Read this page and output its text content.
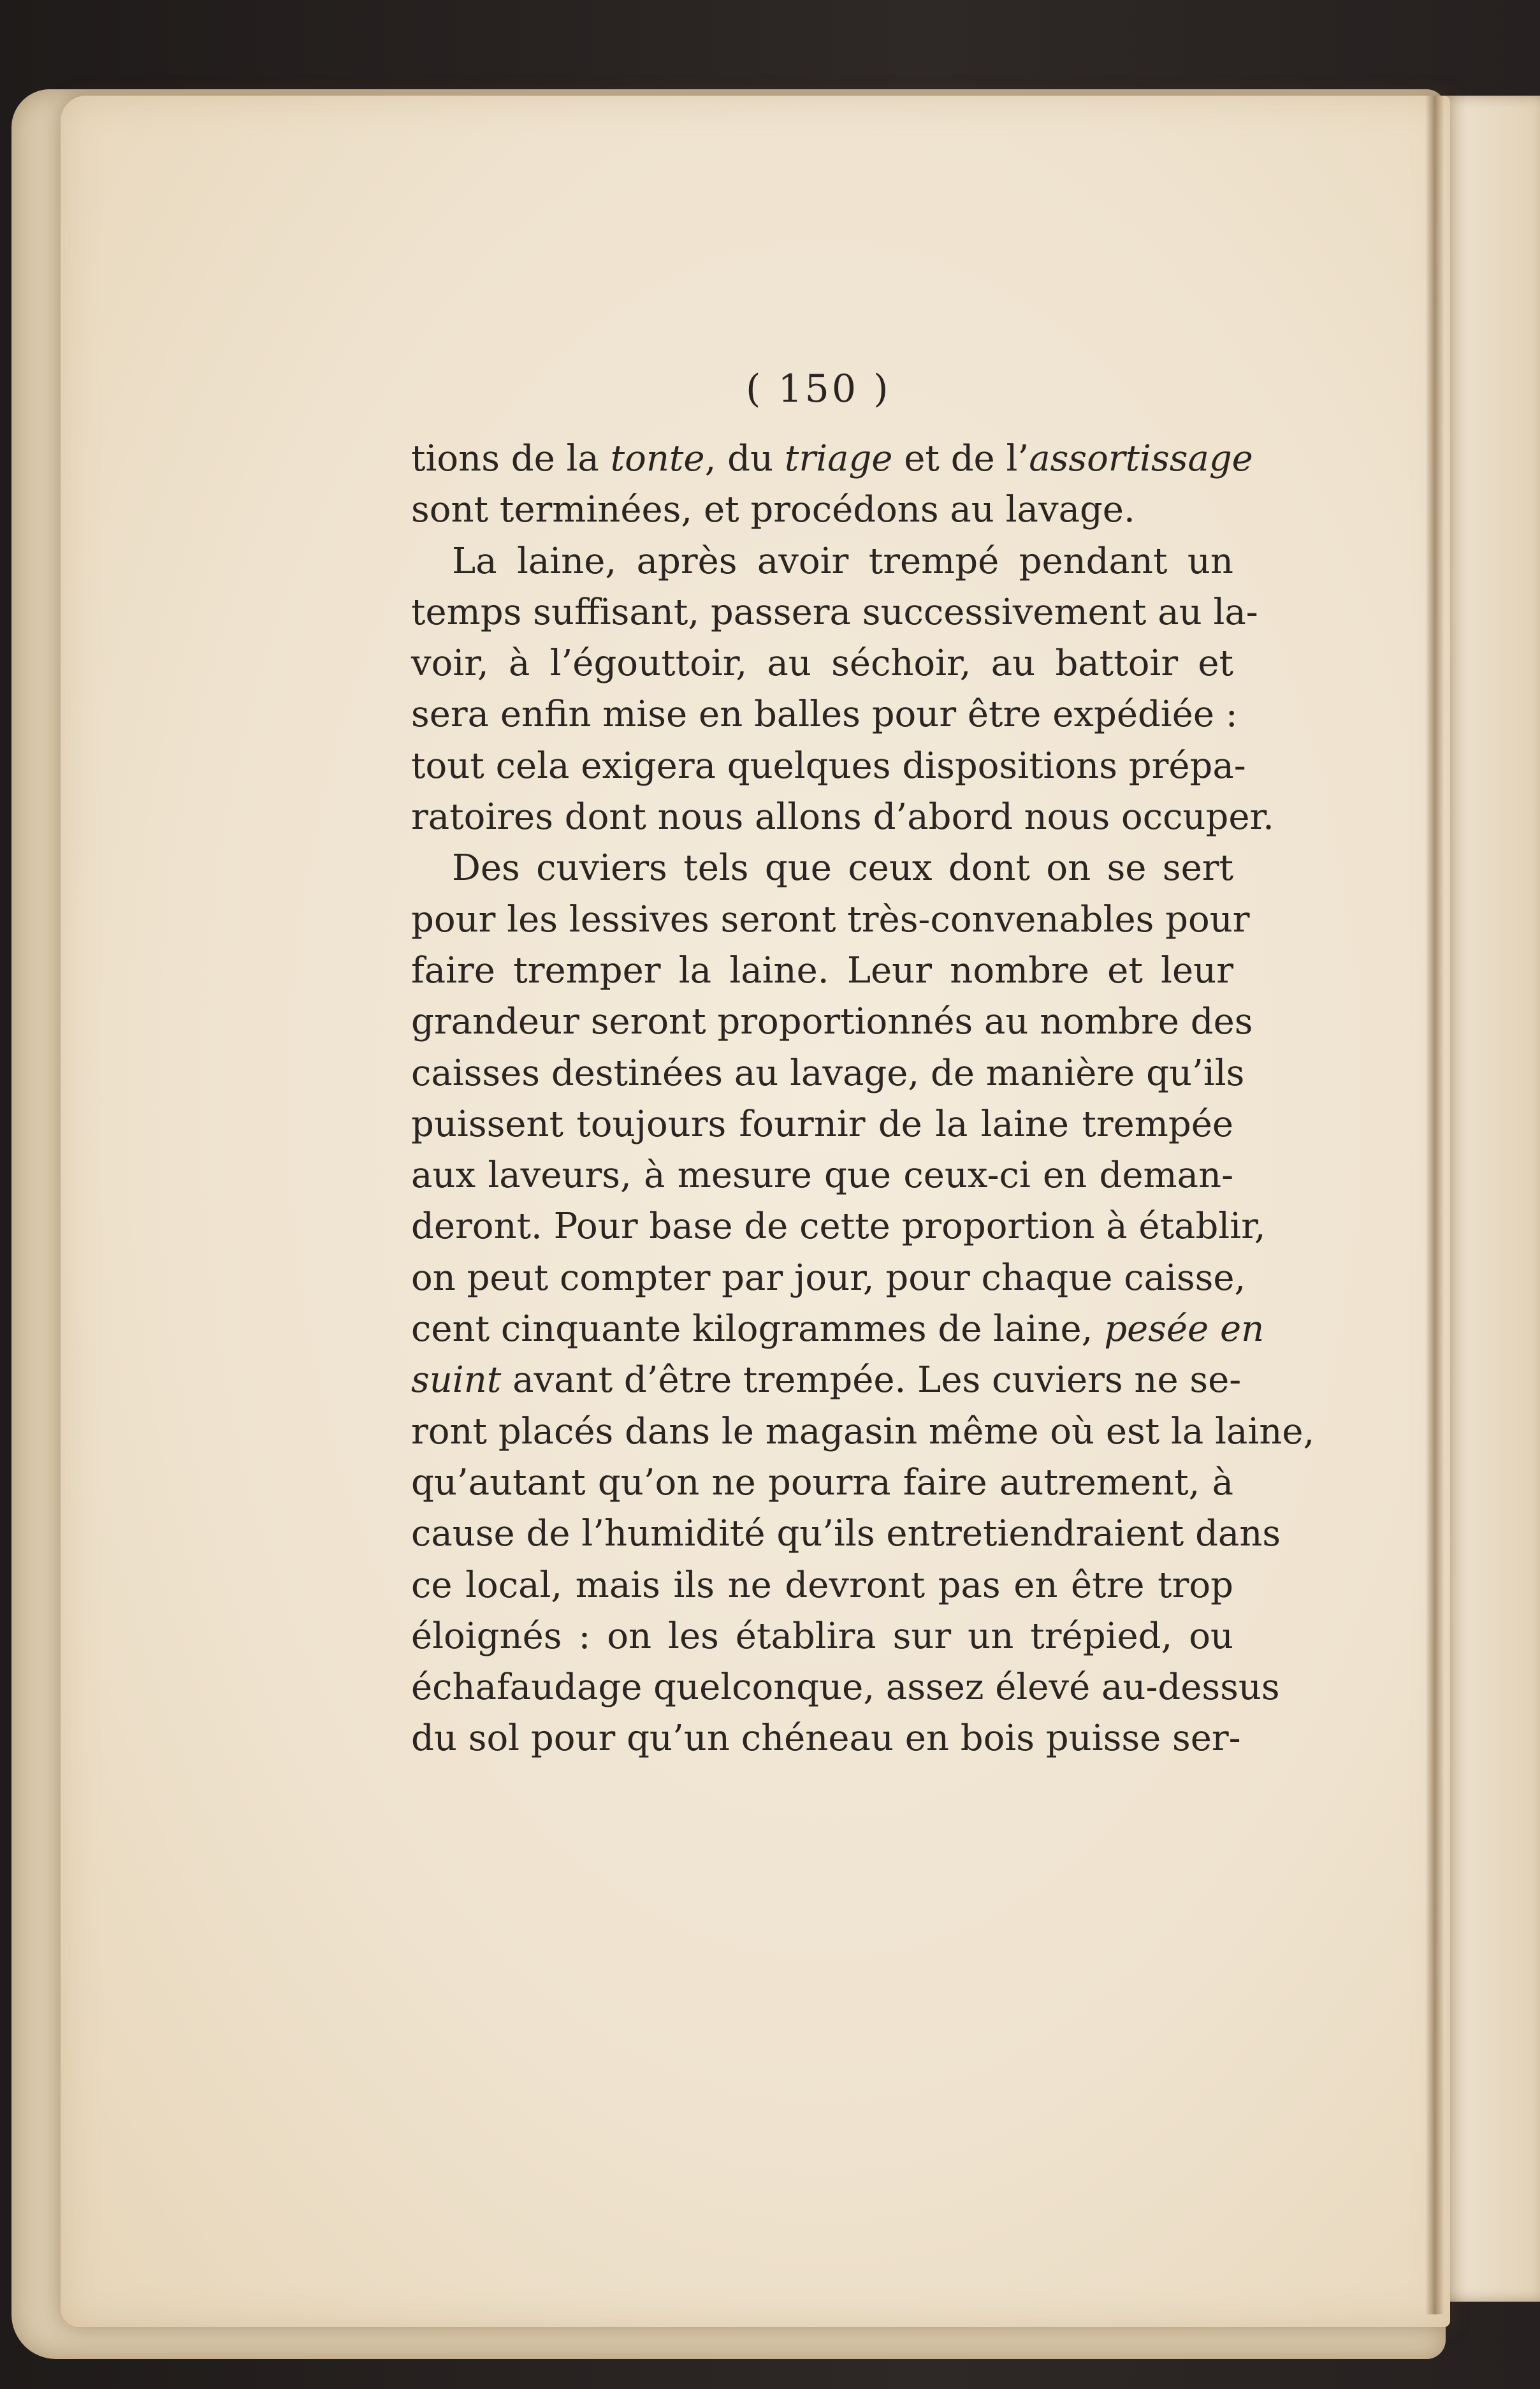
( 150 )
tions de la tonte, du triage et de l’assortissage
sont terminées, et procédons au lavage.
La laine, après avoir trempé pendant un
temps suffisant, passera successivement au la-
voir, à l’égouttoir, au séchoir, au battoir et
sera enfin mise en balles pour être expédiée :
tout cela exigera quelques dispositions prépa-
ratoires dont nous allons d’abord nous occuper.
Des cuviers tels que ceux dont on se sert
pour les lessives seront très-convenables pour
faire tremper la laine. Leur nombre et leur
grandeur seront proportionnés au nombre des
caisses destinées au lavage, de manière qu’ils
puissent toujours fournir de la laine trempée
aux laveurs, à mesure que ceux-ci en deman-
deront. Pour base de cette proportion à établir,
on peut compter par jour, pour chaque caisse,
cent cinquante kilogrammes de laine, pesée en
suint avant d’être trempée. Les cuviers ne se-
ront placés dans le magasin même où est la laine,
qu’autant qu’on ne pourra faire autrement, à
cause de l’humidité qu’ils entretiendraient dans
ce local, mais ils ne devront pas en être trop
éloignés : on les établira sur un trépied, ou
échafaudage quelconque, assez élevé au-dessus
du sol pour qu’un chéneau en bois puisse ser-
